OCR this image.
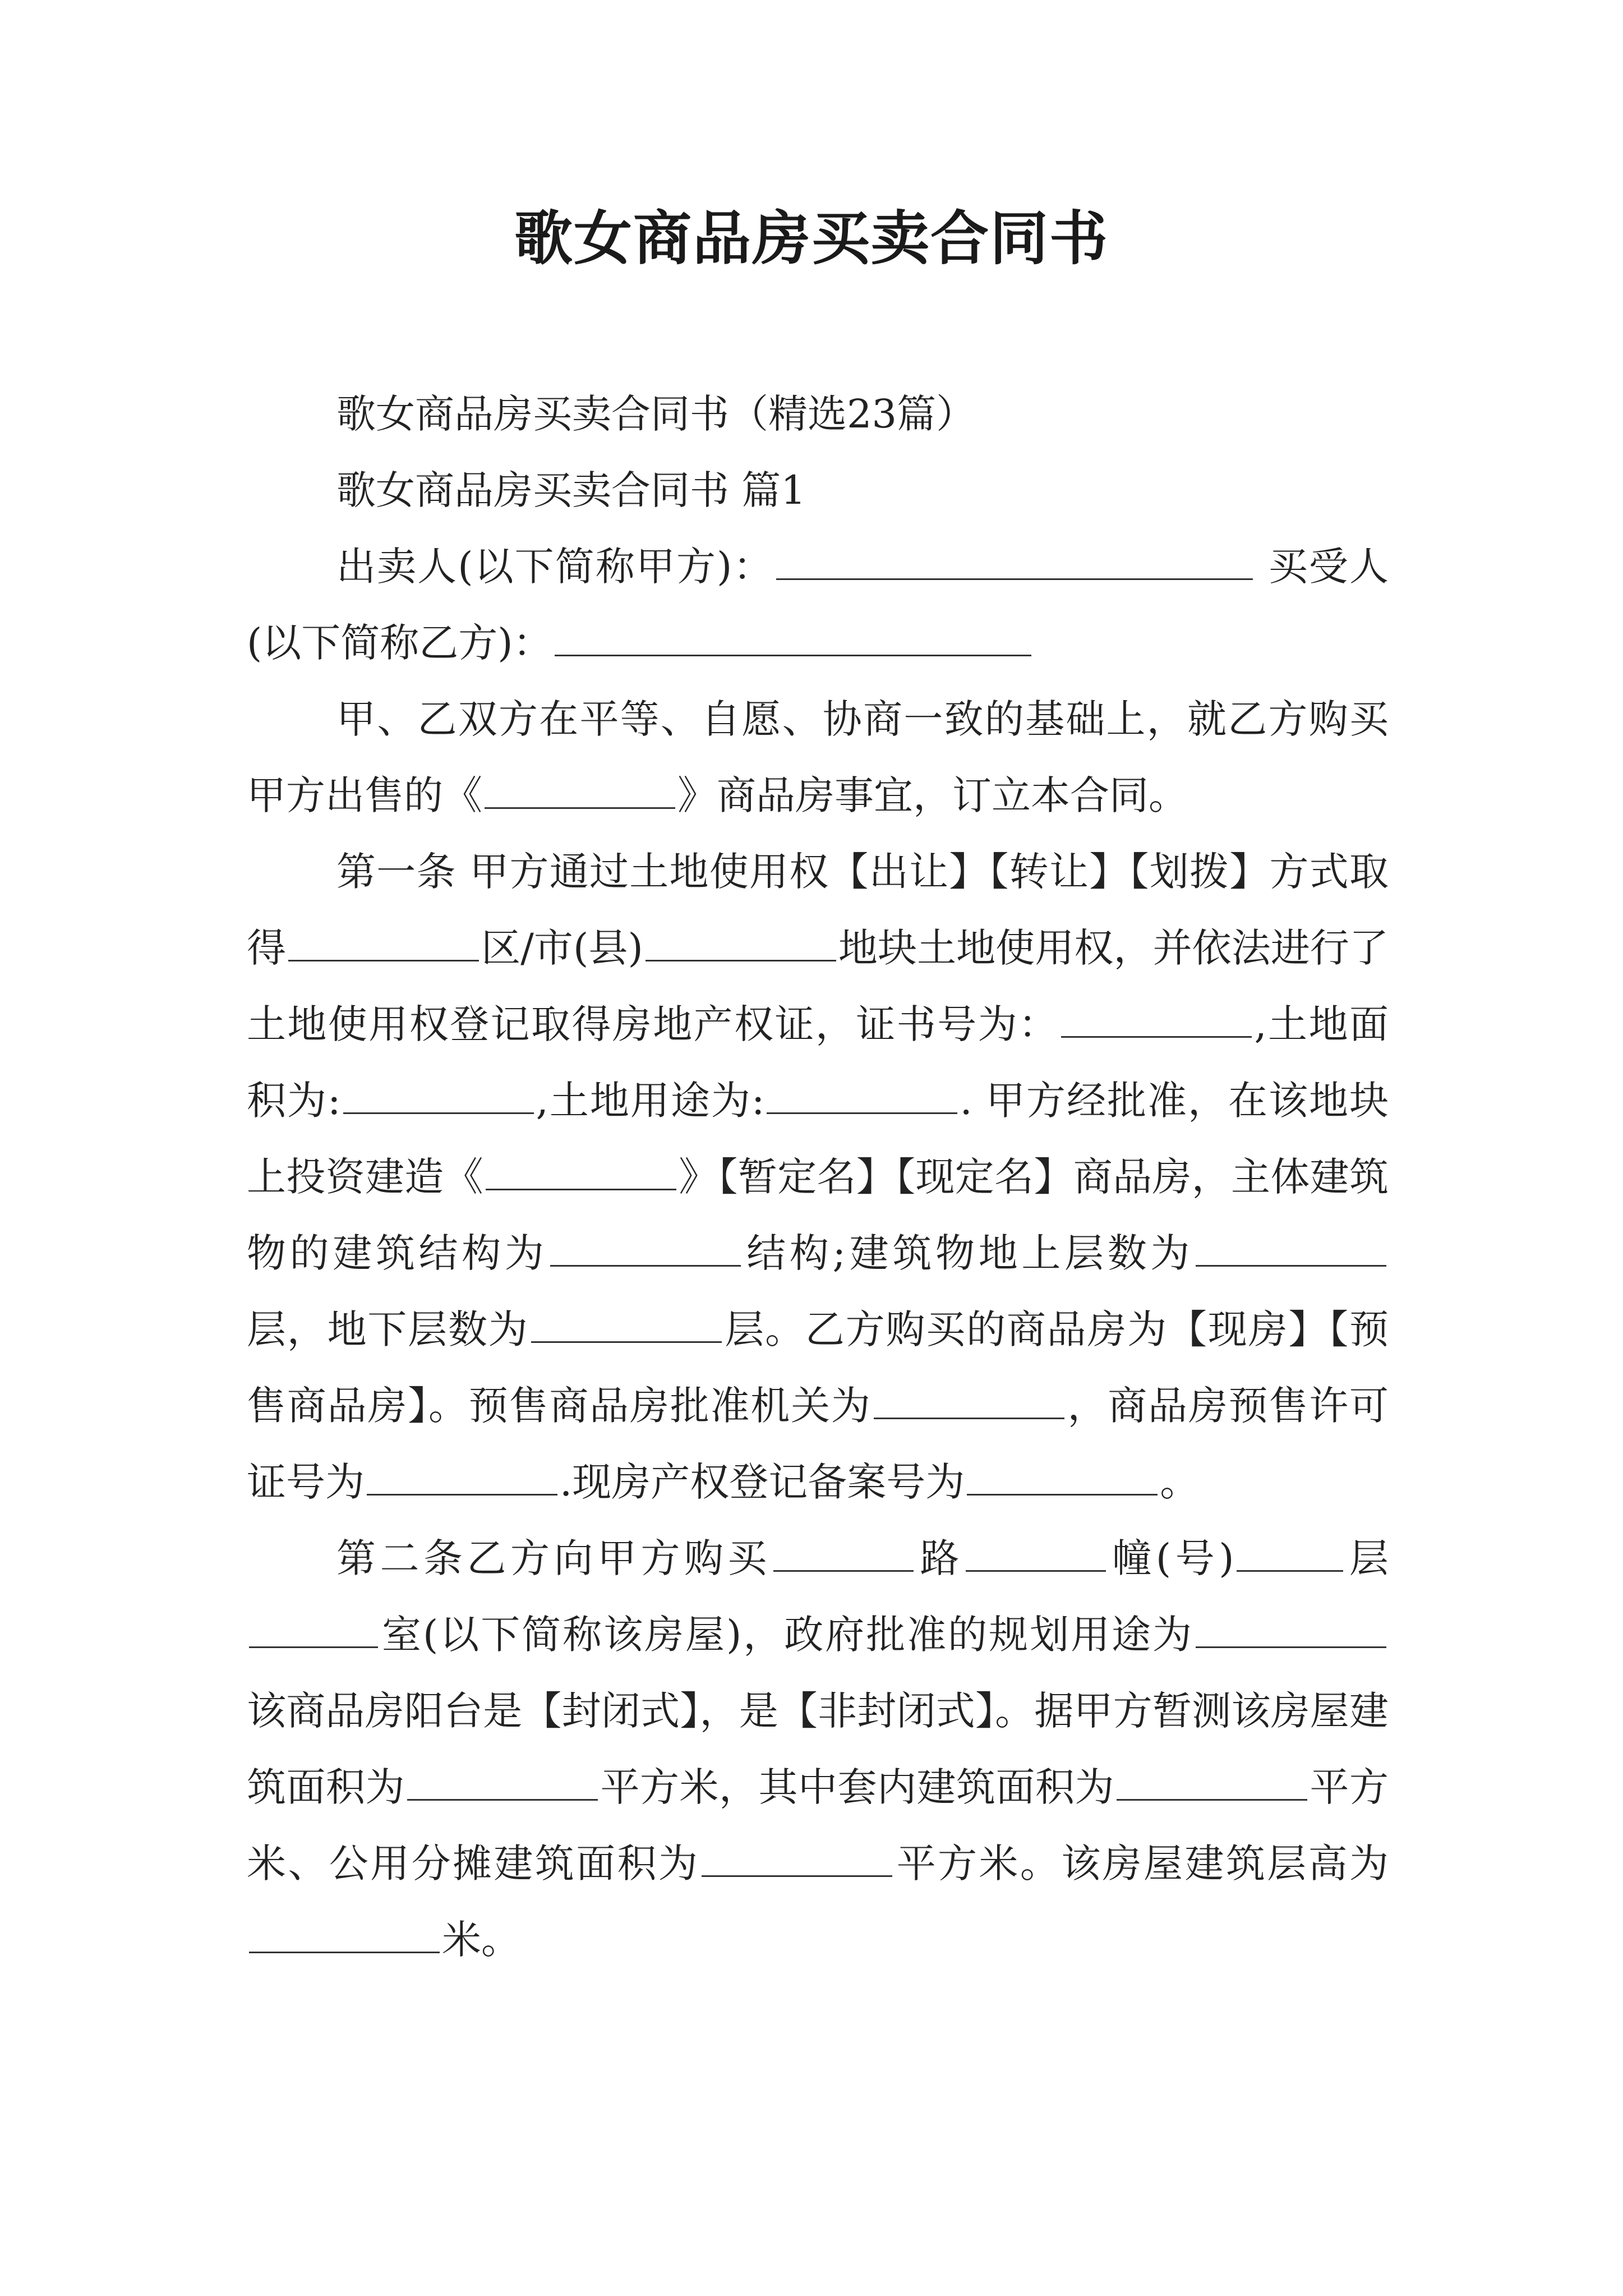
歌女商品房买卖合同书

歌女商品房买卖合同书（精选23篇）

歌女商品房买卖合同书 篇1

出卖人(以下简称甲方)：	买受人(以下简称乙方)：

甲、乙双方在平等、自愿、协商一致的基础上，就乙方购买甲方出售的《	》商品房事宜，订立本合同。

第一条 甲方通过土地使用权【出让】【转让】【划拨】方式取得	区/市(县)	地块土地使用权，并依法进行了土地使用权登记取得房地产权证，证书号为：	,土地面积为:	,土地用途为:	. 甲方经批准，在该地块上投资建造《	》【暂定名】【现定名】商品房，主体建筑物的建筑结构为	结构;建筑物地上层数为层，地下层数为	层。乙方购买的商品房为【现房】【预售商品房】。预售商品房批准机关为	，商品房预售许可证号为	.现房产权登记备案号为	。

第二条乙方向甲方购买	路	幢(号)	层室(以下简称该房屋)，政府批准的规划用途为该商品房阳台是【封闭式】，是【非封闭式】。据甲方暂测该房屋建筑面积为	平方米，其中套内建筑面积为	平方米、公用分摊建筑面积为	平方米。该房屋建筑层高为米。
